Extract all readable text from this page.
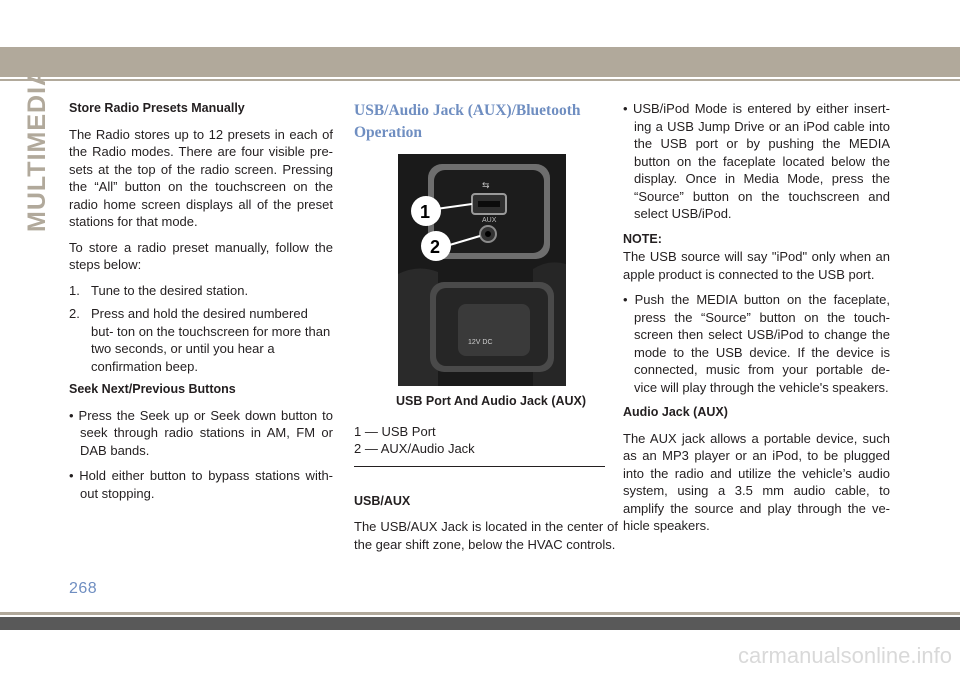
MULTIMEDIA Store Radio Presets Manually

The Radio stores up to 12 presets in each of the Radio modes. There are four visible pre- sets at the top of the radio screen. Pressing the “All” button on the touchscreen on the radio home screen displays all of the preset stations for that mode.

To store a radio preset manually, follow the steps below:

1. Tune to the desired station.
2. Press and hold the desired numbered but- ton on the touchscreen for more than two seconds, or until you hear a confirmation beep.
Seek Next/Previous Buttons
• Press the Seek up or Seek down button to seek through radio stations in AM, FM or DAB bands.
• Hold either button to bypass stations with- out stopping.
USB/Audio Jack (AUX)/Bluetooth Operation
AUX
⇆
12V DC
1
2
USB Port And Audio Jack (AUX)
1 — USB Port
2 — AUX/Audio Jack
USB/AUX

The USB/AUX Jack is located in the center of the gear shift zone, below the HVAC controls.

• USB/iPod Mode is entered by either insert- ing a USB Jump Drive or an iPod cable into the USB port or by pushing the MEDIA button on the faceplate located below the display. Once in Media Mode, press the “Source” button on the touchscreen and select USB/iPod.
NOTE:

The USB source will say "iPod" only when an apple product is connected to the USB port.

• Push the MEDIA button on the faceplate, press the “Source” button on the touch- screen then select USB/iPod to change the mode to the USB device. If the device is connected, music from your portable de- vice will play through the vehicle's speakers.
Audio Jack (AUX)

The AUX jack allows a portable device, such as an MP3 player or an iPod, to be plugged into the radio and utilize the vehicle’s audio system, using a 3.5 mm audio cable, to amplify the source and play through the ve- hicle speakers.

268
carmanualsonline.info
